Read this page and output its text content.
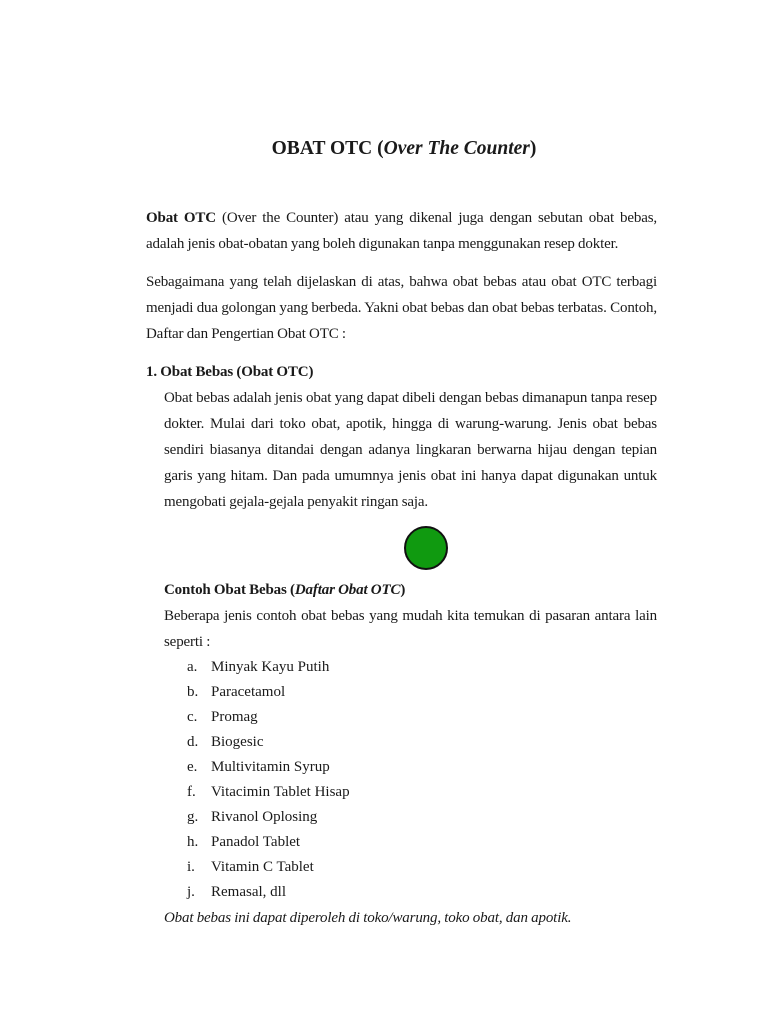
OBAT OTC (Over The Counter)
Obat OTC (Over the Counter) atau yang dikenal juga dengan sebutan obat bebas, adalah jenis obat-obatan yang boleh digunakan tanpa menggunakan resep dokter.
Sebagaimana yang telah dijelaskan di atas, bahwa obat bebas atau obat OTC terbagi menjadi dua golongan yang berbeda. Yakni obat bebas dan obat bebas terbatas. Contoh, Daftar dan Pengertian Obat OTC :
1. Obat Bebas (Obat OTC)
Obat bebas adalah jenis obat yang dapat dibeli dengan bebas dimanapun tanpa resep dokter. Mulai dari toko obat, apotik, hingga di warung-warung. Jenis obat bebas sendiri biasanya ditandai dengan adanya lingkaran berwarna hijau dengan tepian garis yang hitam. Dan pada umumnya jenis obat ini hanya dapat digunakan untuk mengobati gejala-gejala penyakit ringan saja.
Contoh Obat Bebas (Daftar Obat OTC)
Beberapa jenis contoh obat bebas yang mudah kita temukan di pasaran antara lain seperti :
a. Minyak Kayu Putih
b. Paracetamol
c. Promag
d. Biogesic
e. Multivitamin Syrup
f.	Vitacimin Tablet Hisap
g. Rivanol Oplosing
h. Panadol Tablet
i.	Vitamin C Tablet
j.	Remasal, dll
Obat bebas ini dapat diperoleh di toko/warung, toko obat, dan apotik.
